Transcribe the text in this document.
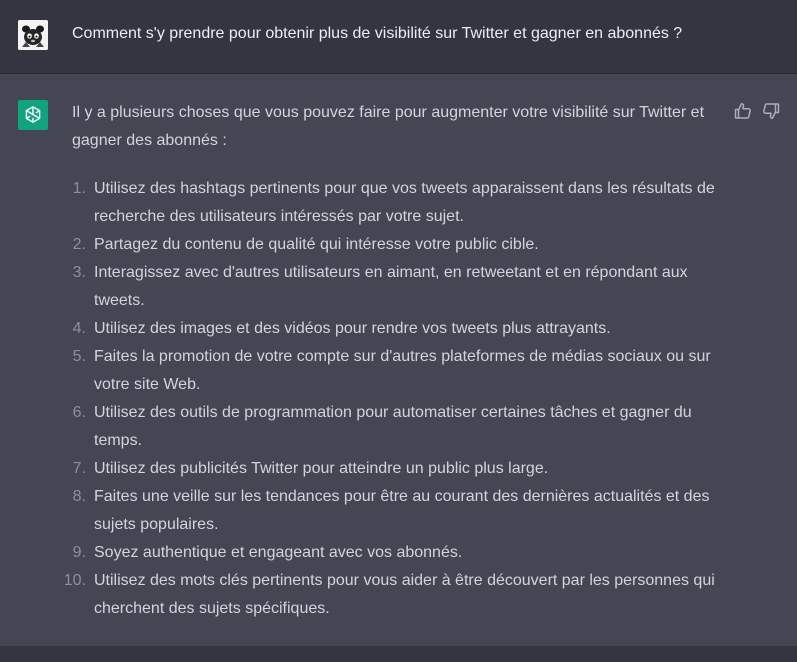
Comment s'y prendre pour obtenir plus de visibilité sur Twitter et gagner en abonnés ?

Il y a plusieurs choses que vous pouvez faire pour augmenter votre visibilité sur Twitter et gagner des abonnés :

1. Utilisez des hashtags pertinents pour que vos tweets apparaissent dans les résultats de recherche des utilisateurs intéressés par votre sujet.
2. Partagez du contenu de qualité qui intéresse votre public cible.
3. Interagissez avec d'autres utilisateurs en aimant, en retweetant et en répondant aux tweets.
4. Utilisez des images et des vidéos pour rendre vos tweets plus attrayants.
5. Faites la promotion de votre compte sur d'autres plateformes de médias sociaux ou sur votre site Web.
6. Utilisez des outils de programmation pour automatiser certaines tâches et gagner du temps.
7. Utilisez des publicités Twitter pour atteindre un public plus large.
8. Faites une veille sur les tendances pour être au courant des dernières actualités et des sujets populaires.
9. Soyez authentique et engageant avec vos abonnés.
10. Utilisez des mots clés pertinents pour vous aider à être découvert par les personnes qui cherchent des sujets spécifiques.
